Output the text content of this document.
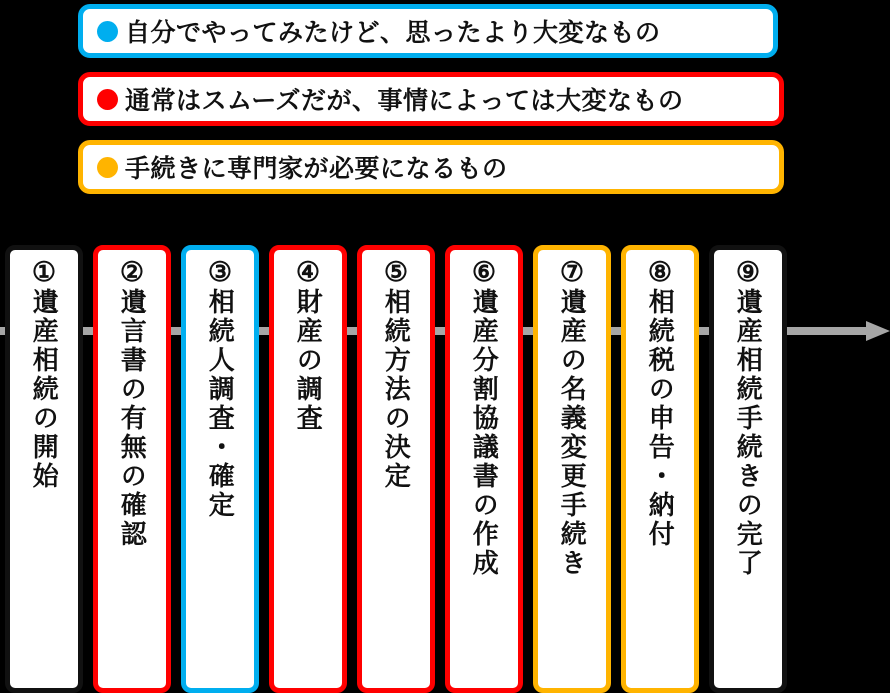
自分でやってみたけど、思ったより大変なもの
通常はスムーズだが、事情によっては大変なもの
手続きに専門家が必要になるもの
①
遺産相続の開始
②
遺言書の有無の確認
③
相続人調査・確定
④
財産の調査
⑤
相続方法の決定
⑥
遺産分割協議書の作成
⑦
遺産の名義変更手続き
⑧
相続税の申告・納付
⑨
遺産相続手続きの完了
